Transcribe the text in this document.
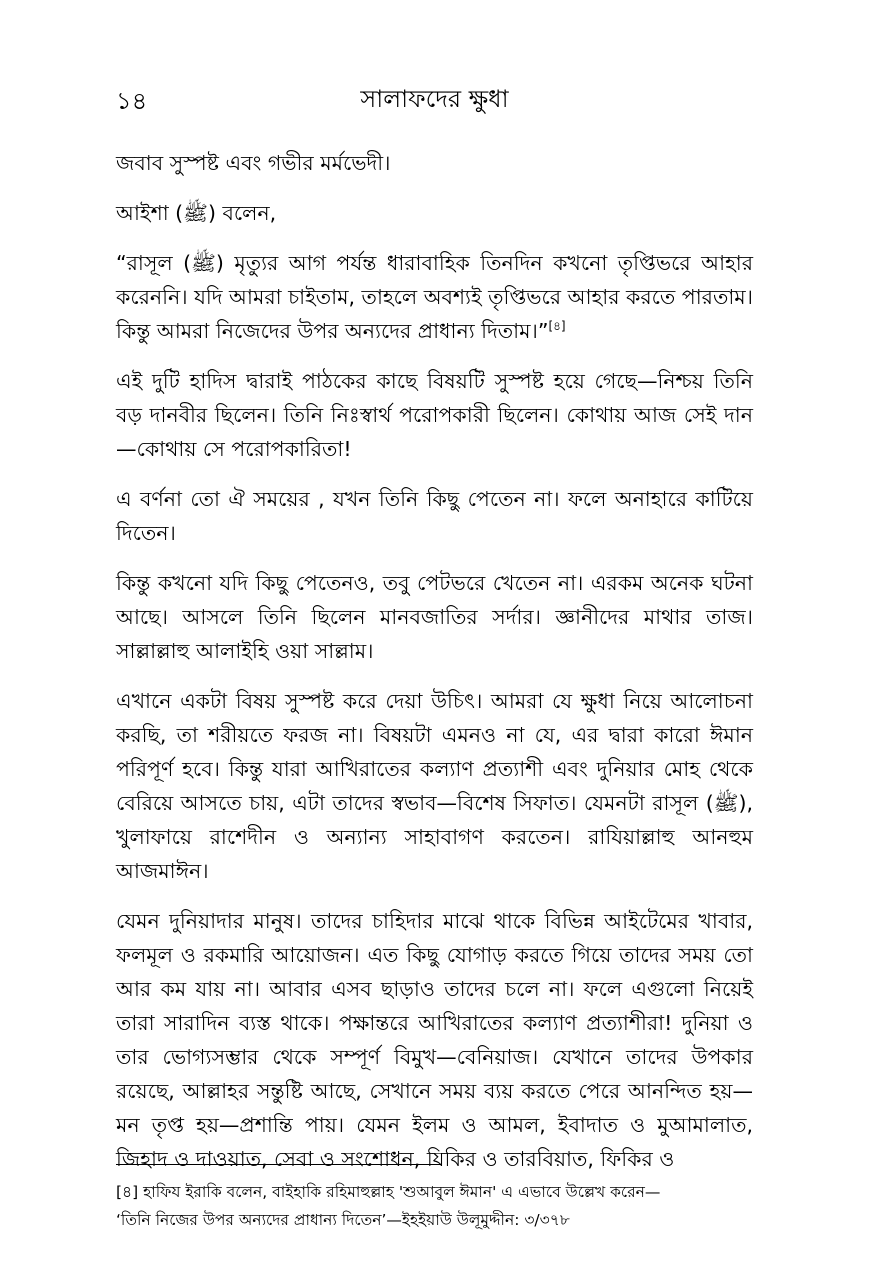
১৪	সালাফদের ক্ষুধা

জবাব সুস্পষ্ট এবং গভীর মর্মভেদী।

আইশা (ﷺ) বলেন,

“রাসূল (ﷺ) মৃত্যুর আগ পর্যন্ত ধারাবাহিক তিনদিন কখনো তৃপ্তিভরে আহার করেননি। যদি আমরা চাইতাম, তাহলে অবশ্যই তৃপ্তিভরে আহার করতে পারতাম। কিন্তু আমরা নিজেদের উপর অন্যদের প্রাধান্য দিতাম।”[৪]

এই দুটি হাদিস দ্বারাই পাঠকের কাছে বিষয়টি সুস্পষ্ট হয়ে গেছে—নিশ্চয় তিনি বড় দানবীর ছিলেন। তিনি নিঃস্বার্থ পরোপকারী ছিলেন। কোথায় আজ সেই দান—কোথায় সে পরোপকারিতা!

এ বর্ণনা তো ঐ সময়ের , যখন তিনি কিছু পেতেন না। ফলে অনাহারে কাটিয়ে দিতেন।

কিন্তু কখনো যদি কিছু পেতেনও, তবু পেটভরে খেতেন না। এরকম অনেক ঘটনা আছে। আসলে তিনি ছিলেন মানবজাতির সর্দার। জ্ঞানীদের মাথার তাজ। সাল্লাল্লাহু আলাইহি ওয়া সাল্লাম।

এখানে একটা বিষয় সুস্পষ্ট করে দেয়া উচিৎ। আমরা যে ক্ষুধা নিয়ে আলোচনা করছি, তা শরীয়তে ফরজ না। বিষয়টা এমনও না যে, এর দ্বারা কারো ঈমান পরিপূর্ণ হবে। কিন্তু যারা আখিরাতের কল্যাণ প্রত্যাশী এবং দুনিয়ার মোহ থেকে বেরিয়ে আসতে চায়, এটা তাদের স্বভাব—বিশেষ সিফাত। যেমনটা রাসূল (ﷺ), খুলাফায়ে রাশেদীন ও অন্যান্য সাহাবাগণ করতেন। রাযিয়াল্লাহু আনহুম আজমাঈন।

যেমন দুনিয়াদার মানুষ। তাদের চাহিদার মাঝে থাকে বিভিন্ন আইটেমের খাবার, ফলমূল ও রকমারি আয়োজন। এত কিছু যোগাড় করতে গিয়ে তাদের সময় তো আর কম যায় না। আবার এসব ছাড়াও তাদের চলে না। ফলে এগুলো নিয়েই তারা সারাদিন ব্যস্ত থাকে। পক্ষান্তরে আখিরাতের কল্যাণ প্রত্যাশীরা! দুনিয়া ও তার ভোগ্যসম্ভার থেকে সম্পূর্ণ বিমুখ—বেনিয়াজ। যেখানে তাদের উপকার রয়েছে, আল্লাহর সন্তুষ্টি আছে, সেখানে সময় ব্যয় করতে পেরে আনন্দিত হয়—মন তৃপ্ত হয়—প্রশান্তি পায়। যেমন ইলম ও আমল, ইবাদাত ও মুআমালাত, জিহাদ ও দাওয়াত, সেবা ও সংশোধন, যিকির ও তারবিয়াত, ফিকির ও

[৪] হাফিয ইরাকি বলেন, বাইহাকি রহিমাহুল্লাহ 'শুআবুল ঈমান' এ এভাবে উল্লেখ করেন—
‘তিনি নিজের উপর অন্যদের প্রাধান্য দিতেন’—ইহইয়াউ উলূমুদ্দীন: ৩/৩৭৮
